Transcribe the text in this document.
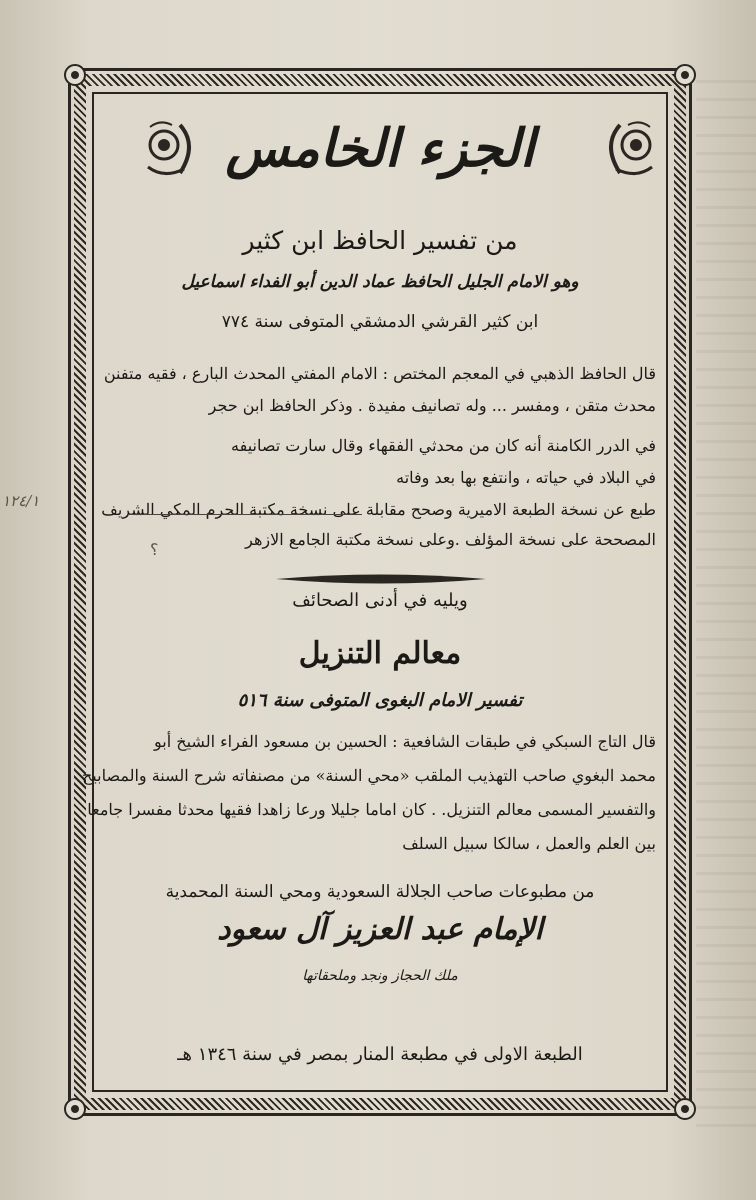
الجزء الخامس
من تفسير الحافظ ابن كثير
وهو الامام الجليل الحافظ عماد الدين أبو الفداء اسماعيل
ابن كثير القرشي الدمشقي المتوفى سنة ٧٧٤
قال الحافظ الذهبي في المعجم المختص : الامام المفتي المحدث البارع ، فقيه متفنن
محدث متقن ، ومفسر ... وله تصانيف مفيدة . وذكر الحافظ ابن حجر
في الدرر الكامنة أنه كان من محدثي الفقهاء وقال سارت تصانيفه
في البلاد في حياته ، وانتفع بها بعد وفاته
طبع عن نسخة الطبعة الاميرية وصحح مقابلة على نسخة مكتبة الحرم المكي الشريف
المصححة على نسخة المؤلف .وعلى نسخة مكتبة الجامع الازهر
١٢٤/١
؟
ويليه في أدنى الصحائف
معالم التنزيل
تفسير الامام البغوى المتوفى سنة ٥١٦
قال التاج السبكي في طبقات الشافعية : الحسين بن مسعود الفراء الشيخ أبو
محمد البغوي صاحب التهذيب الملقب «محي السنة» من مصنفاته شرح السنة والمصابيح
والتفسير المسمى معالم التنزيل. . كان اماما جليلا ورعا زاهدا فقيها محدثا مفسرا جامعا
بين العلم والعمل ، سالكا سبيل السلف
من مطبوعات صاحب الجلالة السعودية ومحي السنة المحمدية
الإمام عبد العزيز آل سعود
ملك الحجاز ونجد وملحقاتها
الطبعة الاولى في مطبعة المنار بمصر في سنة ١٣٤٦ هـ
